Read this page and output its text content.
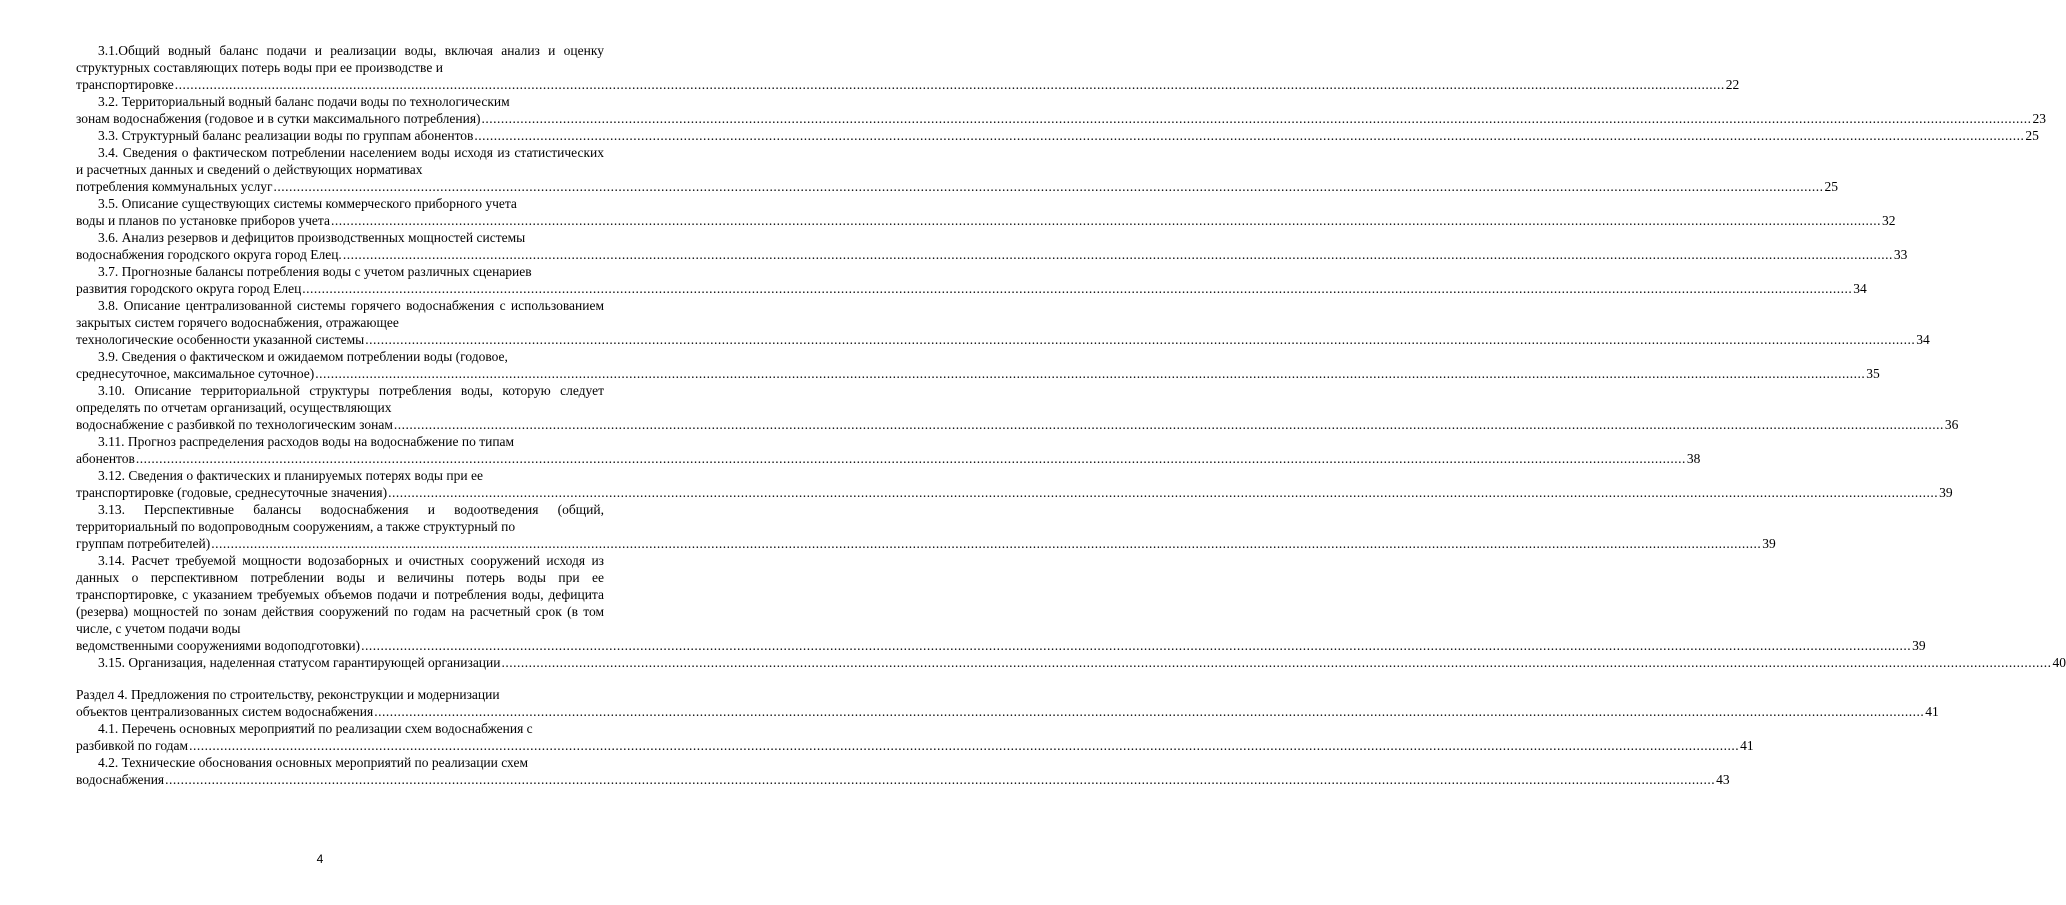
3.1.Общий водный баланс подачи и реализации воды, включая анализ и оценку структурных составляющих потерь воды при ее производстве и
транспортировке ................................................................................................................................................................................................................................................................................................................................................................................................................ 22
3.2. Территориальный водный баланс подачи воды по технологическим
зонам водоснабжения (годовое и в сутки максимального потребления) ................................................................................................................................................................................................................................................................................................................................................................................................................ 23
3.3. Структурный баланс реализации воды по группам абонентов ................................................................................................................................................................................................................................................................................................................................................................................................................ 25
3.4. Сведения о фактическом потреблении населением воды исходя из статистических и расчетных данных и сведений о действующих нормативах
потребления коммунальных услуг ................................................................................................................................................................................................................................................................................................................................................................................................................ 25
3.5. Описание существующих системы коммерческого приборного учета
воды и планов по установке приборов учета ................................................................................................................................................................................................................................................................................................................................................................................................................ 32
3.6. Анализ резервов и дефицитов производственных мощностей системы
водоснабжения городского округа город Елец. ................................................................................................................................................................................................................................................................................................................................................................................................................ 33
3.7. Прогнозные балансы потребления воды с учетом различных сценариев
развития городского округа город Елец ................................................................................................................................................................................................................................................................................................................................................................................................................ 34
3.8. Описание централизованной системы горячего водоснабжения с использованием закрытых систем горячего водоснабжения, отражающее
технологические особенности указанной системы ................................................................................................................................................................................................................................................................................................................................................................................................................ 34
3.9. Сведения о фактическом и ожидаемом потреблении воды (годовое,
среднесуточное, максимальное суточное) ................................................................................................................................................................................................................................................................................................................................................................................................................ 35
3.10. Описание территориальной структуры потребления воды, которую следует определять по отчетам организаций, осуществляющих
водоснабжение с разбивкой по технологическим зонам ................................................................................................................................................................................................................................................................................................................................................................................................................ 36
3.11. Прогноз распределения расходов воды на водоснабжение по типам
абонентов ................................................................................................................................................................................................................................................................................................................................................................................................................ 38
3.12. Сведения о фактических и планируемых потерях воды при ее
транспортировке (годовые, среднесуточные значения) ................................................................................................................................................................................................................................................................................................................................................................................................................ 39
3.13. Перспективные балансы водоснабжения и водоотведения (общий, территориальный по водопроводным сооружениям, а также структурный по
группам потребителей) ................................................................................................................................................................................................................................................................................................................................................................................................................ 39
3.14. Расчет требуемой мощности водозаборных и очистных сооружений исходя из данных о перспективном потреблении воды и величины потерь воды при ее транспортировке, с указанием требуемых объемов подачи и потребления воды, дефицита (резерва) мощностей по зонам действия сооружений по годам на расчетный срок (в том числе, с учетом подачи воды
ведомственными сооружениями водоподготовки) ................................................................................................................................................................................................................................................................................................................................................................................................................ 39
3.15. Организация, наделенная статусом гарантирующей организации ................................................................................................................................................................................................................................................................................................................................................................................................................ 40
Раздел 4. Предложения по строительству, реконструкции и модернизации
объектов централизованных систем водоснабжения ................................................................................................................................................................................................................................................................................................................................................................................................................ 41
4.1. Перечень основных мероприятий по реализации схем водоснабжения с
разбивкой по годам ................................................................................................................................................................................................................................................................................................................................................................................................................ 41
4.2. Технические обоснования основных мероприятий по реализации схем
водоснабжения ................................................................................................................................................................................................................................................................................................................................................................................................................ 43
4
